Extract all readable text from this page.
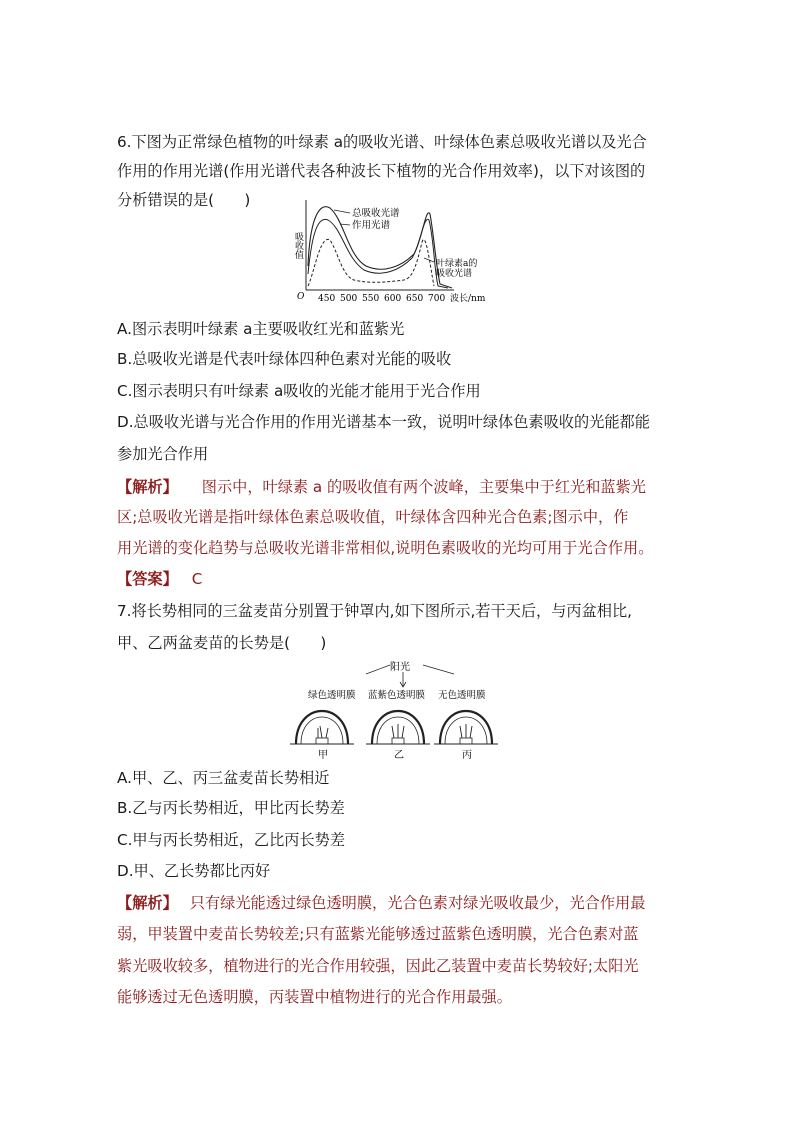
6.下图为正常绿色植物的叶绿素 a的吸收光谱、叶绿体色素总吸收光谱以及光合
作用的作用光谱(作用光谱代表各种波长下植物的光合作用效率)，以下对该图的
分析错误的是(　　)
吸收值
O
总吸收光谱
作用光谱
叶绿素a的
吸收光谱
450 500 550 600 650 700 波长/nm
A.图示表明叶绿素 a主要吸收红光和蓝紫光
B.总吸收光谱是代表叶绿体四种色素对光能的吸收
C.图示表明只有叶绿素 a吸收的光能才能用于光合作用
D.总吸收光谱与光合作用的作用光谱基本一致，说明叶绿体色素吸收的光能都能
参加光合作用
【解析】 图示中，叶绿素 a 的吸收值有两个波峰，主要集中于红光和蓝紫光
区;总吸收光谱是指叶绿体色素总吸收值，叶绿体含四种光合色素;图示中，作
用光谱的变化趋势与总吸收光谱非常相似,说明色素吸收的光均可用于光合作用。
【答案】 C
7.将长势相同的三盆麦苗分别置于钟罩内,如下图所示,若干天后，与丙盆相比,
甲、乙两盆麦苗的长势是(　　)
阳光
绿色透明膜 蓝紫色透明膜 无色透明膜
甲	乙	丙
A.甲、乙、丙三盆麦苗长势相近
B.乙与丙长势相近，甲比丙长势差
C.甲与丙长势相近，乙比丙长势差
D.甲、乙长势都比丙好
【解析】 只有绿光能透过绿色透明膜，光合色素对绿光吸收最少，光合作用最
弱，甲装置中麦苗长势较差;只有蓝紫光能够透过蓝紫色透明膜，光合色素对蓝
紫光吸收较多，植物进行的光合作用较强，因此乙装置中麦苗长势较好;太阳光
能够透过无色透明膜，丙装置中植物进行的光合作用最强。
